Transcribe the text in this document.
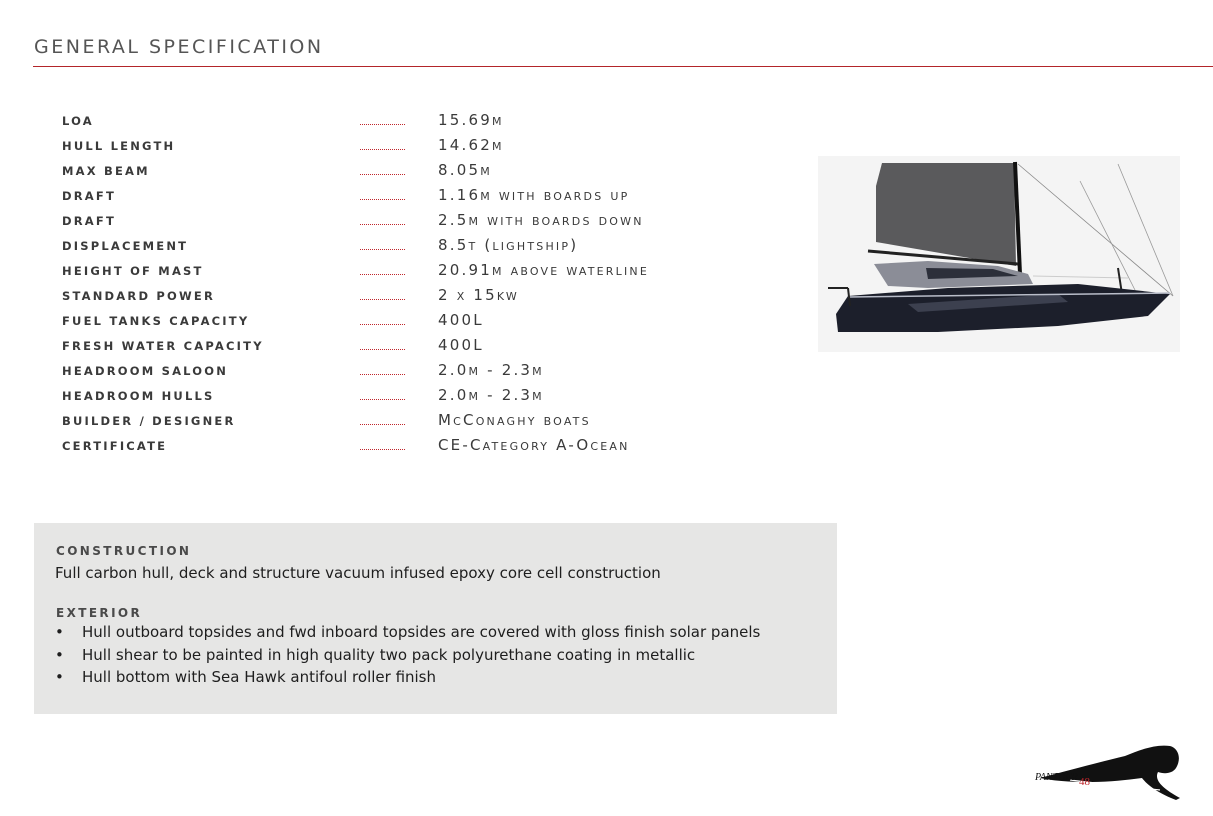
GENERAL SPECIFICATION
LOA	15.69m
HULL LENGTH	14.62m
MAX BEAM	8.05m
DRAFT	1.16m with boards up
DRAFT	2.5m with boards down
DISPLACEMENT	8.5t (lightship)
HEIGHT OF MAST	20.91m above waterline
STANDARD POWER	2 x 15kw
FUEL TANKS CAPACITY	400L
FRESH WATER CAPACITY	400L
HEADROOM SALOON	2.0m - 2.3m
HEADROOM HULLS	2.0m - 2.3m
BUILDER / DESIGNER	McConaghy boats
CERTIFICATE	CE-Category A-Ocean
CONSTRUCTION
Full carbon hull, deck and structure vacuum infused epoxy core cell construction
EXTERIOR
• Hull outboard topsides and fwd inboard topsides are covered with gloss finish solar panels
• Hull shear to be painted in high quality two pack polyurethane coating in metallic
• Hull bottom with Sea Hawk antifoul roller finish
PANTHER 48
